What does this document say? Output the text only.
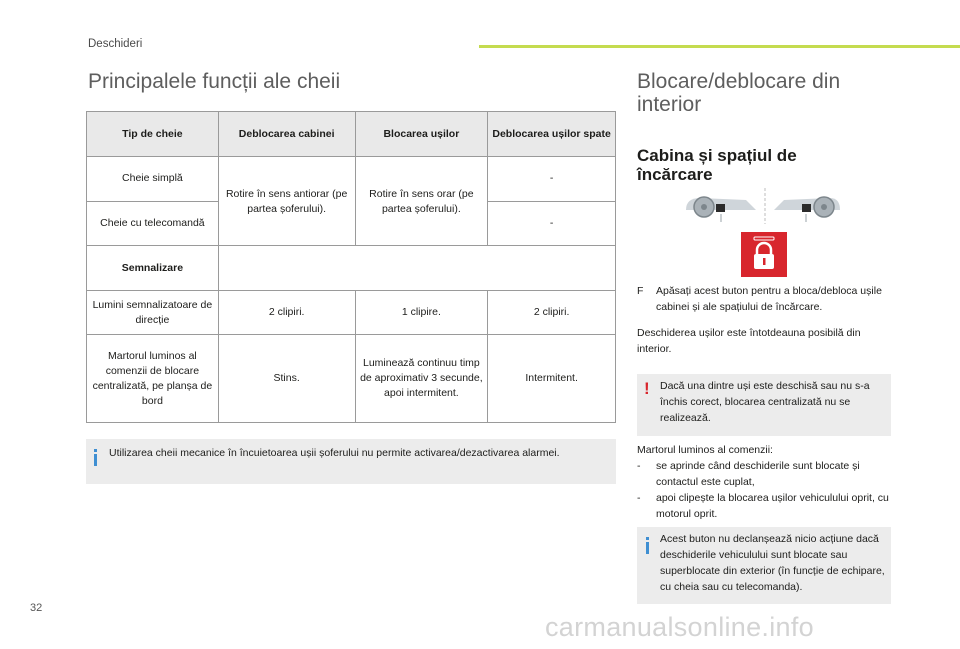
Deschideri
Principalele funcții ale cheii
Tip de cheie	Deblocarea cabinei	Blocarea ușilor	Deblocarea ușilor spate
Cheie simplă	Rotire în sens antiorar (pe partea șoferului).	Rotire în sens orar (pe partea șoferului).	-
Cheie cu telecomandă			-
Semnalizare			
Lumini semnalizatoare de direcție	2 clipiri.	1 clipire.	2 clipiri.
Martorul luminos al comenzii de blocare centralizată, pe planșa de bord	Stins.	Luminează continuu timp de aproximativ 3 secunde, apoi intermitent.	Intermitent.
Utilizarea cheii mecanice în încuietoarea ușii șoferului nu permite activarea/dezactivarea alarmei.
Blocare/deblocare din
interior
Cabina și spațiul de
încărcare
F Apăsați acest buton pentru a bloca/debloca ușile cabinei și ale spațiului de încărcare.
Deschiderea ușilor este întotdeauna posibilă din interior.
! Dacă una dintre uși este deschisă sau nu s-a închis corect, blocarea centralizată nu se realizează.
Martorul luminos al comenzii:
- se aprinde când deschiderile sunt blocate și contactul este cuplat,
- apoi clipește la blocarea ușilor vehiculului oprit, cu motorul oprit.
Acest buton nu declanșează nicio acțiune dacă deschiderile vehiculului sunt blocate sau superblocate din exterior (în funcție de echipare, cu cheia sau cu telecomanda).
32
carmanualsonline.info
